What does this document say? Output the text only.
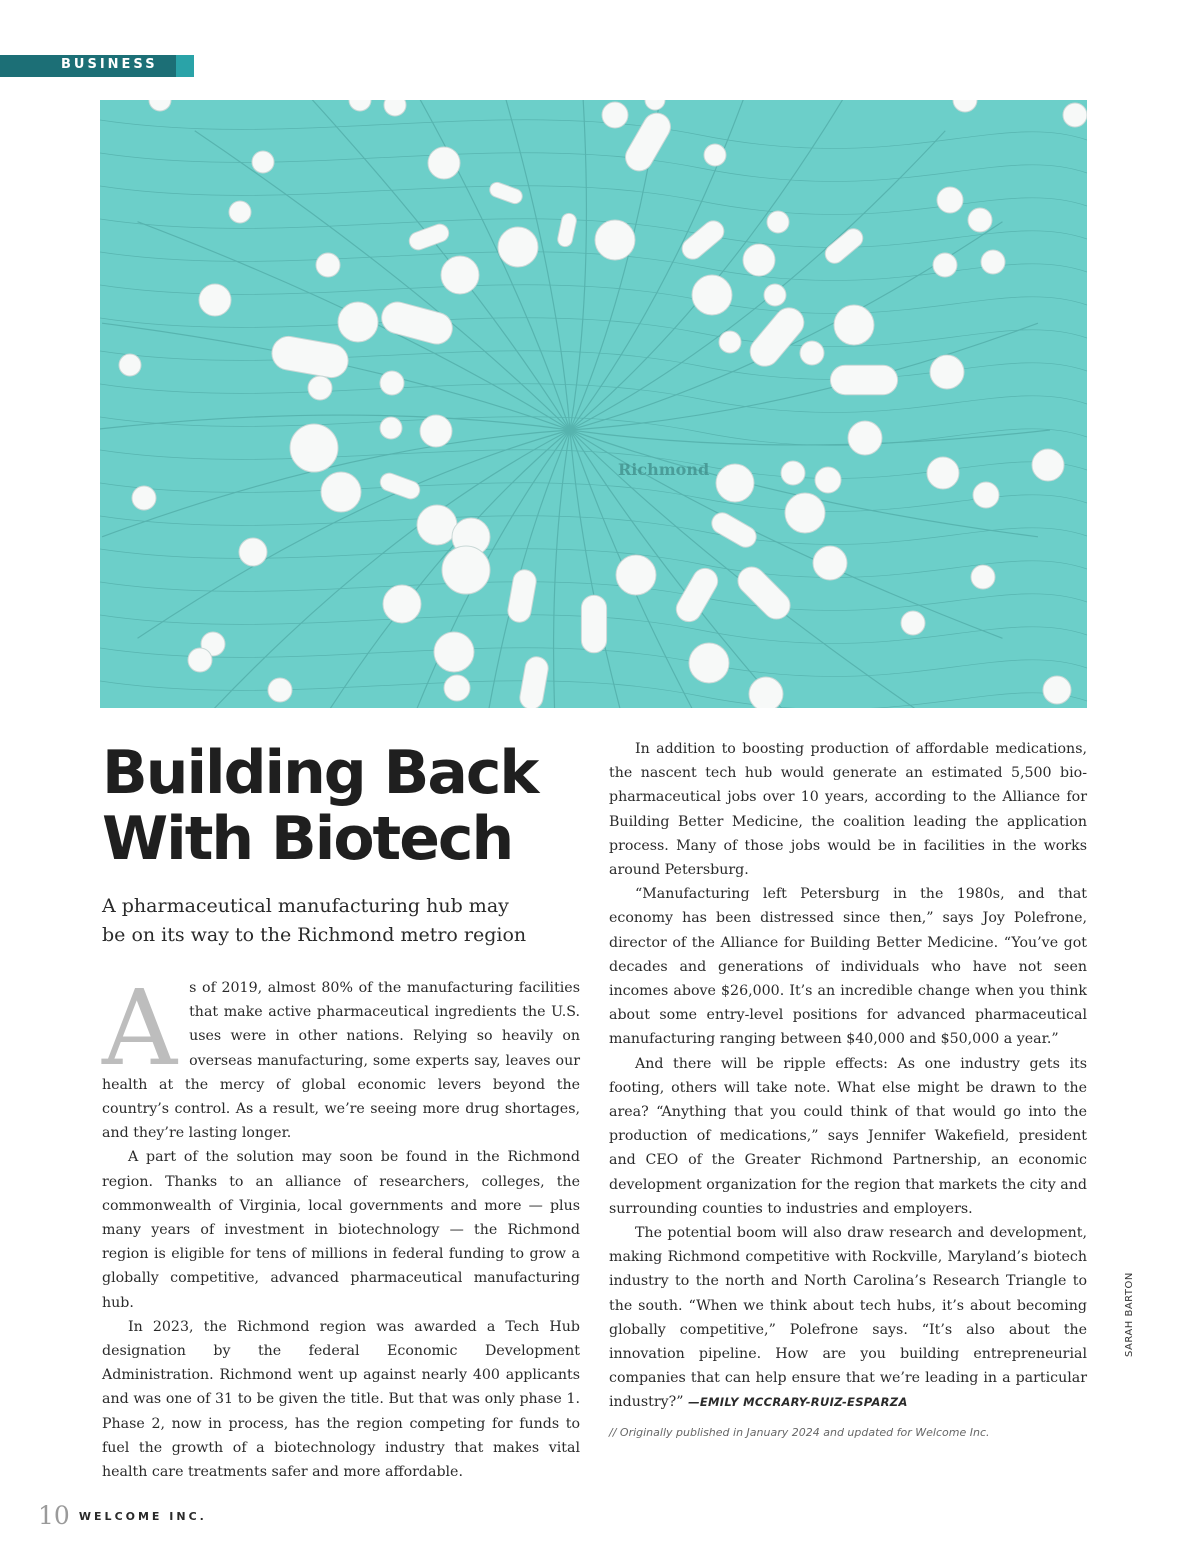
BUSINESS
Richmond
Building Back
With Biotech
A pharmaceutical manufacturing hub may
be on its way to the Richmond metro region

As of 2019, almost 80% of the manufacturing facilities that make active pharmaceutical ingredients the U.S. uses were in other nations. Relying so heavily on overseas manufacturing, some experts say, leaves our health at the mercy of global economic levers beyond the country’s control. As a result, we’re seeing more drug shortages, and they’re lasting longer.

A part of the solution may soon be found in the Richmond region. Thanks to an alliance of researchers, colleges, the commonwealth of Virginia, local governments and more — plus many years of investment in biotechnology — the Richmond region is eligible for tens of millions in federal funding to grow a globally competitive, advanced pharmaceutical manufacturing hub.

In 2023, the Richmond region was awarded a Tech Hub designation by the federal Economic Development Administration. Richmond went up against nearly 400 applicants and was one of 31 to be given the title. But that was only phase 1. Phase 2, now in process, has the region competing for funds to fuel the growth of a biotechnology industry that makes vital health care treatments safer and more affordable.

In addition to boosting production of affordable medications, the nascent tech hub would generate an estimated 5,500 bio-pharmaceutical jobs over 10 years, according to the Alliance for Building Better Medicine, the coalition leading the application process. Many of those jobs would be in facilities in the works around Petersburg.

“Manufacturing left Petersburg in the 1980s, and that economy has been distressed since then,” says Joy Polefrone, director of the Alliance for Building Better Medicine. “You’ve got decades and generations of individuals who have not seen incomes above $26,000. It’s an incredible change when you think about some entry-level positions for advanced pharmaceutical manufacturing ranging between $40,000 and $50,000 a year.”

And there will be ripple effects: As one industry gets its footing, others will take note. What else might be drawn to the area? “Anything that you could think of that would go into the production of medications,” says Jennifer Wakefield, president and CEO of the Greater Richmond Partnership, an economic development organization for the region that markets the city and surrounding counties to industries and employers.

The potential boom will also draw research and development, making Richmond competitive with Rockville, Maryland’s biotech industry to the north and North Carolina’s Research Triangle to the south. “When we think about tech hubs, it’s about becoming globally competitive,” Polefrone says. “It’s also about the innovation pipeline. How are you building entrepreneurial companies that can help ensure that we’re leading in a particular industry?” —EMILY MCCRARY-RUIZ-ESPARZA

// Originally published in January 2024 and updated for Welcome Inc.
SARAH BARTON
10 $^{WELCOME INC.}$
